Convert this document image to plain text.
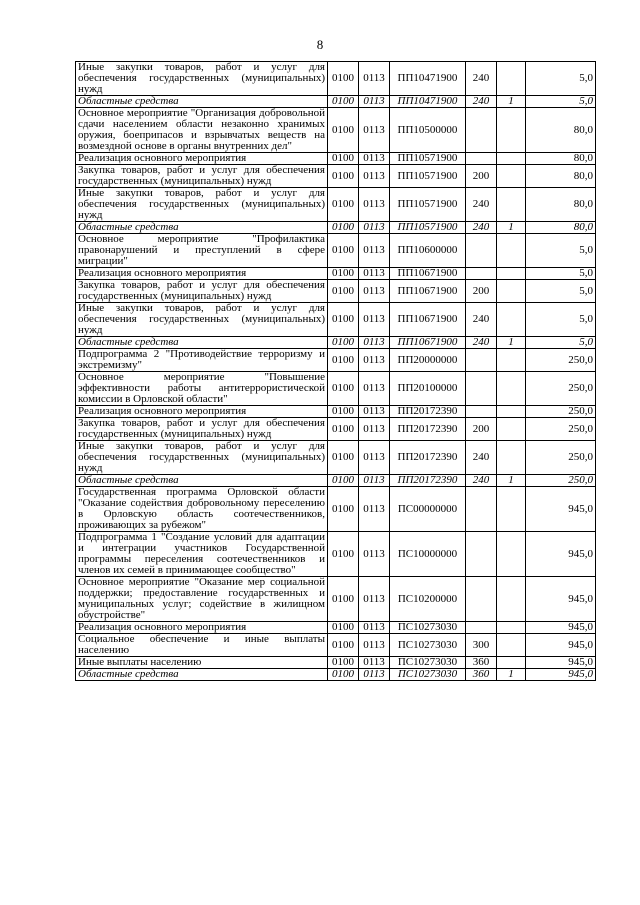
8
Иные закупки товаров, работ и услуг для обеспечения государственных (муниципальных) нужд	0100	0113	ПП10471900	240		5,0
Областные средства	0100	0113	ПП10471900	240	1	5,0
Основное мероприятие "Организация добровольной сдачи населением области незаконно хранимых оружия, боеприпасов и взрывчатых веществ на возмездной основе в органы внутренних дел"	0100	0113	ПП10500000			80,0
Реализация основного мероприятия	0100	0113	ПП10571900			80,0
Закупка товаров, работ и услуг для обеспечения государственных (муниципальных) нужд	0100	0113	ПП10571900	200		80,0
Иные закупки товаров, работ и услуг для обеспечения государственных (муниципальных) нужд	0100	0113	ПП10571900	240		80,0
Областные средства	0100	0113	ПП10571900	240	1	80,0
Основное мероприятие "Профилактика правонарушений и преступлений в сфере миграции"	0100	0113	ПП10600000			5,0
Реализация основного мероприятия	0100	0113	ПП10671900			5,0
Закупка товаров, работ и услуг для обеспечения государственных (муниципальных) нужд	0100	0113	ПП10671900	200		5,0
Иные закупки товаров, работ и услуг для обеспечения государственных (муниципальных) нужд	0100	0113	ПП10671900	240		5,0
Областные средства	0100	0113	ПП10671900	240	1	5,0
Подпрограмма 2 "Противодействие терроризму и экстремизму"	0100	0113	ПП20000000			250,0
Основное мероприятие "Повышение эффективности работы антитеррористической комиссии в Орловской области"	0100	0113	ПП20100000			250,0
Реализация основного мероприятия	0100	0113	ПП20172390			250,0
Закупка товаров, работ и услуг для обеспечения государственных (муниципальных) нужд	0100	0113	ПП20172390	200		250,0
Иные закупки товаров, работ и услуг для обеспечения государственных (муниципальных) нужд	0100	0113	ПП20172390	240		250,0
Областные средства	0100	0113	ПП20172390	240	1	250,0
Государственная программа Орловской области "Оказание содействия добровольному переселению в Орловскую область соотечественников, проживающих за рубежом"	0100	0113	ПС00000000			945,0
Подпрограмма 1 "Создание условий для адаптации и интеграции участников Государственной программы переселения соотечественников и членов их семей в принимающее сообщество"	0100	0113	ПС10000000			945,0
Основное мероприятие "Оказание мер социальной поддержки; предоставление государственных и муниципальных услуг; содействие в жилищном обустройстве"	0100	0113	ПС10200000			945,0
Реализация основного мероприятия	0100	0113	ПС10273030			945,0
Социальное обеспечение и иные выплаты населению	0100	0113	ПС10273030	300		945,0
Иные выплаты населению	0100	0113	ПС10273030	360		945,0
Областные средства	0100	0113	ПС10273030	360	1	945,0
